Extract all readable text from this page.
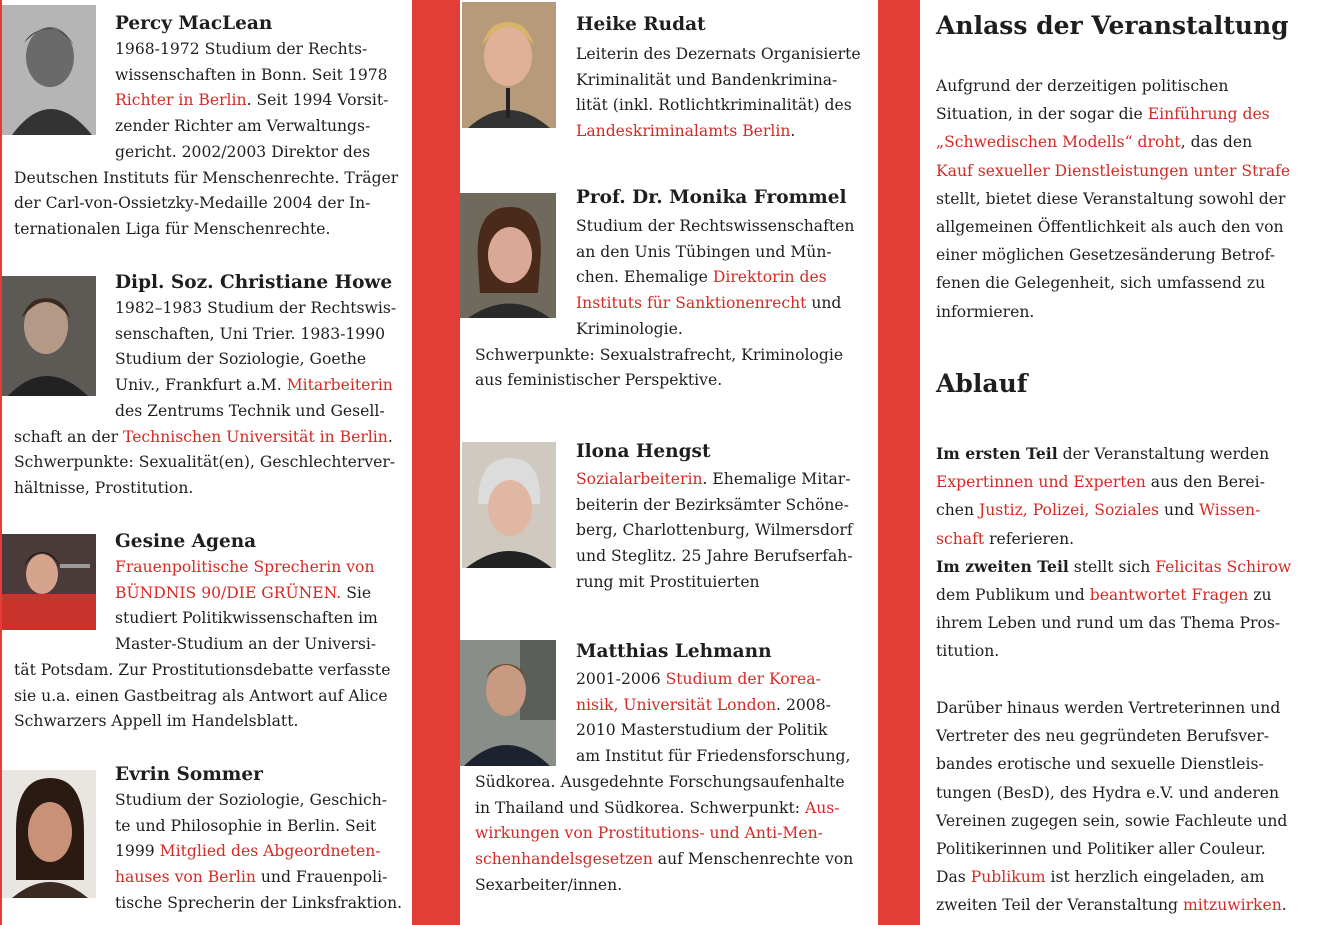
Percy MacLean
1968-1972 Studium der Rechts-
wissenschaften in Bonn. Seit 1978
Richter in Berlin. Seit 1994 Vorsit-
zender Richter am Verwaltungs-
gericht. 2002/2003 Direktor des
Deutschen Instituts für Menschenrechte. Träger
der Carl-von-Ossietzky-Medaille 2004 der In-
ternationalen Liga für Menschenrechte.
Dipl. Soz. Christiane Howe
1982–1983 Studium der Rechtswis-
senschaften, Uni Trier. 1983-1990
Studium der Soziologie, Goethe
Univ., Frankfurt a.M. Mitarbeiterin
des Zentrums Technik und Gesell-
schaft an der Technischen Universität in Berlin.
Schwerpunkte: Sexualität(en), Geschlechterver-
hältnisse, Prostitution.
Gesine Agena
Frauenpolitische Sprecherin von
BÜNDNIS 90/DIE GRÜNEN. Sie
studiert Politikwissenschaften im
Master-Studium an der Universi-
tät Potsdam. Zur Prostitutionsdebatte verfasste
sie u.a. einen Gastbeitrag als Antwort auf Alice
Schwarzers Appell im Handelsblatt.
Evrin Sommer
Studium der Soziologie, Geschich-
te und Philosophie in Berlin. Seit
1999 Mitglied des Abgeordneten-
hauses von Berlin und Frauenpoli-
tische Sprecherin der Linksfraktion.
Heike Rudat
Leiterin des Dezernats Organisierte
Kriminalität und Bandenkrimina-
lität (inkl. Rotlichtkriminalität) des
Landeskriminalamts Berlin.
Prof. Dr. Monika Frommel
Studium der Rechtswissenschaften
an den Unis Tübingen und Mün-
chen. Ehemalige Direktorin des
Instituts für Sanktionenrecht und
Kriminologie.
Schwerpunkte: Sexualstrafrecht, Kriminologie
aus feministischer Perspektive.
Ilona Hengst
Sozialarbeiterin. Ehemalige Mitar-
beiterin der Bezirksämter Schöne-
berg, Charlottenburg, Wilmersdorf
und Steglitz. 25 Jahre Berufserfah-
rung mit Prostituierten
Matthias Lehmann
2001-2006 Studium der Korea-
nisik, Universität London. 2008-
2010 Masterstudium der Politik
am Institut für Friedensforschung,
Südkorea. Ausgedehnte Forschungsaufenhalte
in Thailand und Südkorea. Schwerpunkt: Aus-
wirkungen von Prostitutions- und Anti-Men-
schenhandelsgesetzen auf Menschenrechte von
Sexarbeiter/innen.
Anlass der Veranstaltung
Aufgrund der derzeitigen politischen
Situation, in der sogar die Einführung des
„Schwedischen Modells“ droht, das den
Kauf sexueller Dienstleistungen unter Strafe
stellt, bietet diese Veranstaltung sowohl der
allgemeinen Öffentlichkeit als auch den von
einer möglichen Gesetzesänderung Betrof-
fenen die Gelegenheit, sich umfassend zu
informieren.
Ablauf
Im ersten Teil der Veranstaltung werden
Expertinnen und Experten aus den Berei-
chen Justiz, Polizei, Soziales und Wissen-
schaft referieren.
Im zweiten Teil stellt sich Felicitas Schirow
dem Publikum und beantwortet Fragen zu
ihrem Leben und rund um das Thema Pros-
titution.
Darüber hinaus werden Vertreterinnen und
Vertreter des neu gegründeten Berufsver-
bandes erotische und sexuelle Dienstleis-
tungen (BesD), des Hydra e.V. und anderen
Vereinen zugegen sein, sowie Fachleute und
Politikerinnen und Politiker aller Couleur.
Das Publikum ist herzlich eingeladen, am
zweiten Teil der Veranstaltung mitzuwirken.
